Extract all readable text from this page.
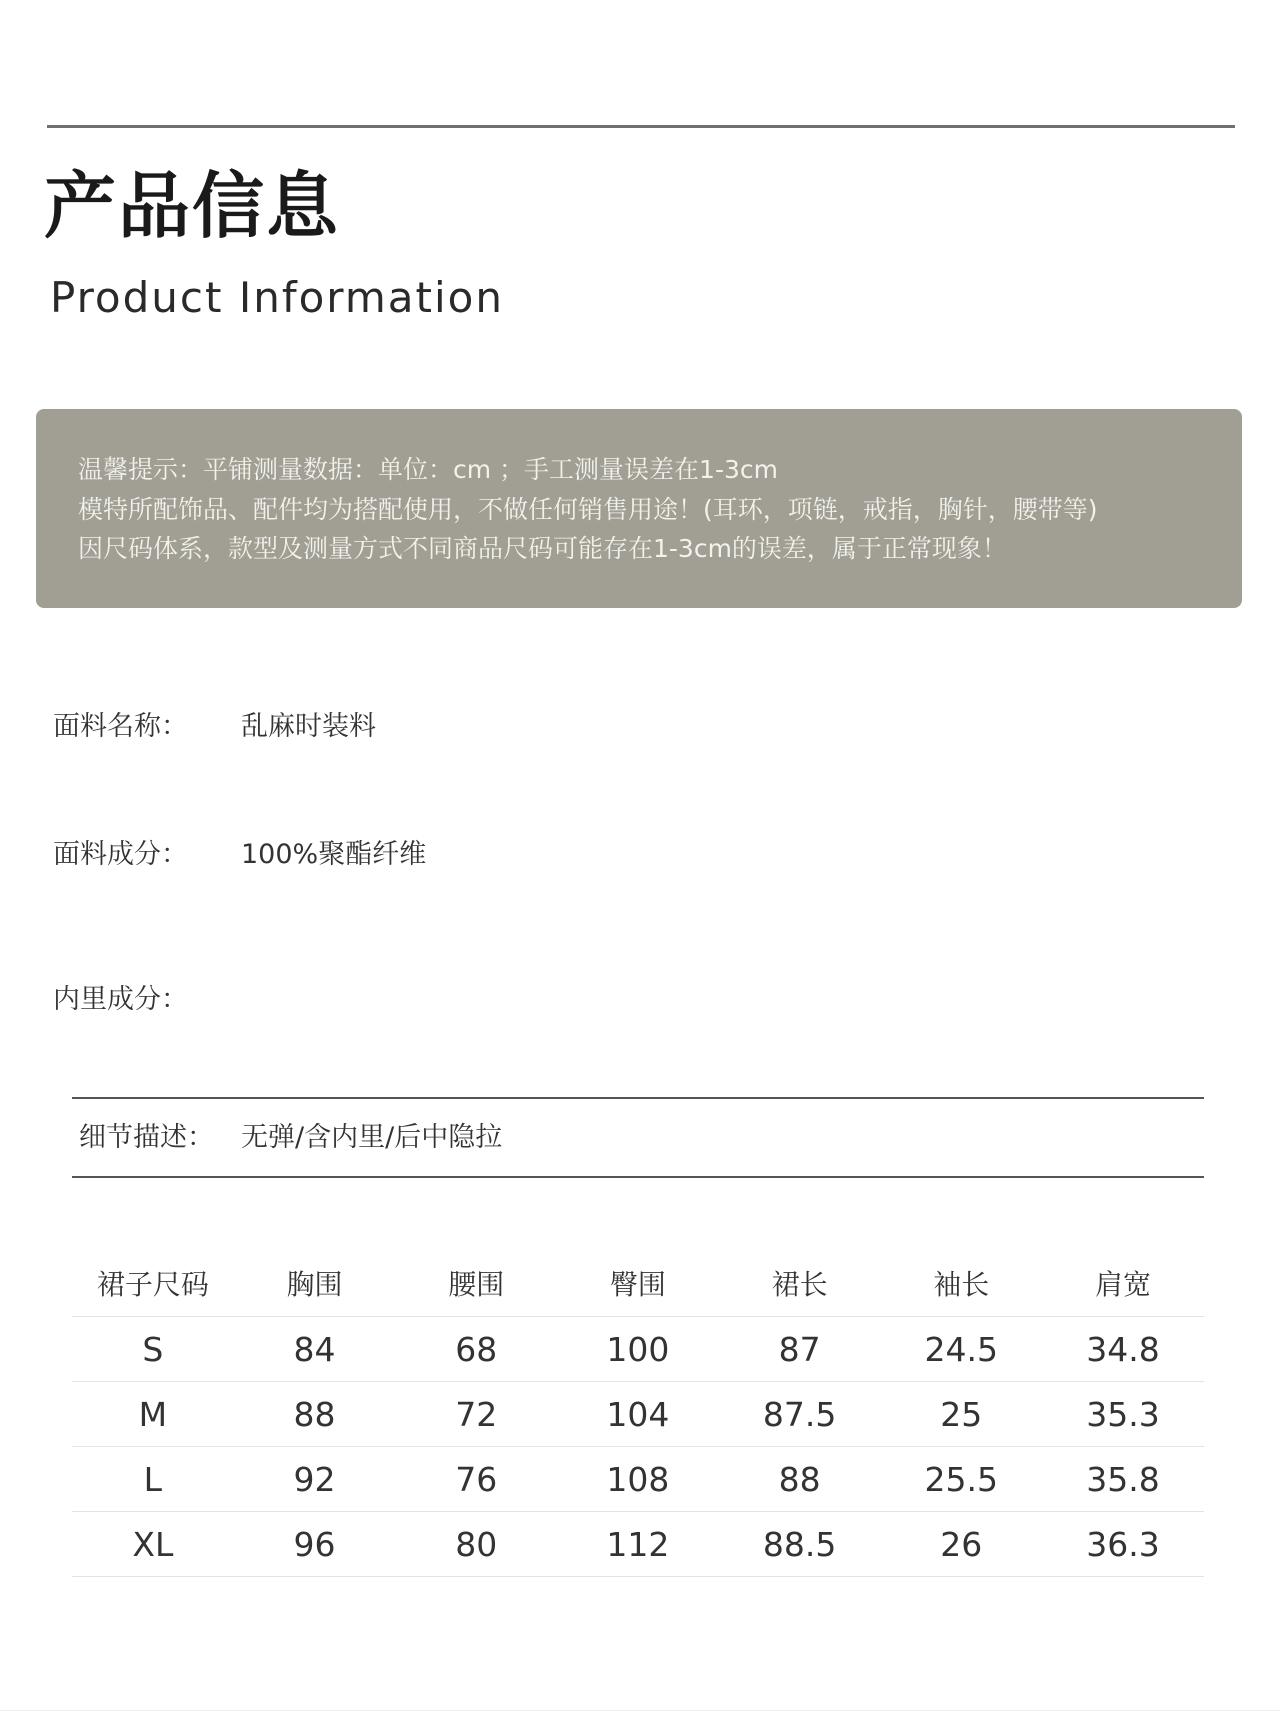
产品信息
Product Information
温馨提示：平铺测量数据：单位：cm ；手工测量误差在1-3cm
模特所配饰品、配件均为搭配使用，不做任何销售用途！(耳环，项链，戒指，胸针，腰带等)
因尺码体系，款型及测量方式不同商品尺码可能存在1-3cm的误差，属于正常现象！
面料名称： 乱麻时装料
面料成分： 100%聚酯纤维
内里成分：
细节描述： 无弹/含内里/后中隐拉
裙子尺码	胸围	腰围	臀围	裙长	袖长	肩宽
S	84	68	100	87	24.5	34.8
M	88	72	104	87.5	25	35.3
L	92	76	108	88	25.5	35.8
XL	96	80	112	88.5	26	36.3
